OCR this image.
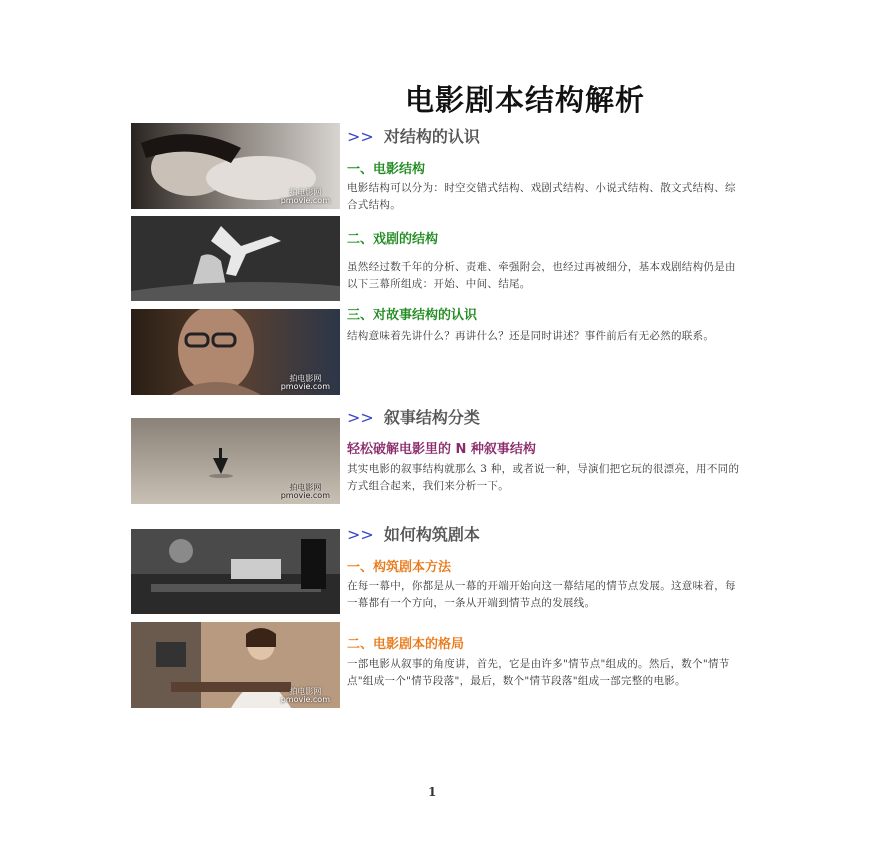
电影剧本结构解析
拍电影网
pmovie.com
拍电影网
pmovie.com
拍电影网
pmovie.com
拍电影网
pmovie.com
>> 对结构的认识
一、电影结构
电影结构可以分为：时空交错式结构、戏剧式结构、小说式结构、散文式结构、综合式结构。
二、戏剧的结构
虽然经过数千年的分析、责难、牵强附会，也经过再被细分，基本戏剧结构仍是由以下三幕所组成：开始、中间、结尾。
三、对故事结构的认识
结构意味着先讲什么？再讲什么？还是同时讲述？事件前后有无必然的联系。
>> 叙事结构分类
轻松破解电影里的 N 种叙事结构
其实电影的叙事结构就那么 3 种，或者说一种，导演们把它玩的很漂亮，用不同的方式组合起来，我们来分析一下。
>> 如何构筑剧本
一、构筑剧本方法
在每一幕中，你都是从一幕的开端开始向这一幕结尾的情节点发展。这意味着，每一幕都有一个方向，一条从开端到情节点的发展线。
二、电影剧本的格局
一部电影从叙事的角度讲，首先，它是由许多"情节点"组成的。然后，数个"情节点"组成一个"情节段落"，最后，数个"情节段落"组成一部完整的电影。
1
